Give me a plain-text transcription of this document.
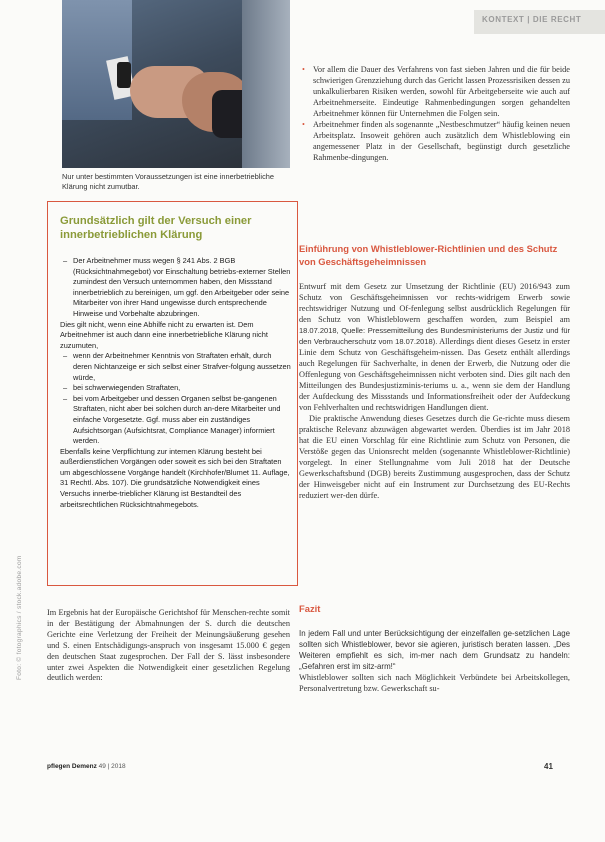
KONTEXT | DIE RECHT
Nur unter bestimmten Voraussetzungen ist eine innerbetriebliche Klärung nicht zumutbar.
Grundsätzlich gilt der Versuch einer innerbetrieblichen Klärung
– Der Arbeitnehmer muss wegen § 241 Abs. 2 BGB (Rücksichtnahmegebot) vor Einschaltung betriebs-externer Stellen zumindest den Versuch unternommen haben, den Missstand innerbetrieblich zu bereinigen, um ggf. den Arbeitgeber oder seine Mitarbeiter von ihrer Hand ungewisse durch entsprechende Hinweise und Vorbehalte abzubringen.

Dies gilt nicht, wenn eine Abhilfe nicht zu erwarten ist. Dem Arbeitnehmer ist auch dann eine innerbetriebliche Klärung nicht zuzumuten,

– wenn der Arbeitnehmer Kenntnis von Straftaten erhält, durch deren Nichtanzeige er sich selbst einer Strafver-folgung aussetzen würde,
– bei schwerwiegenden Straftaten,
– bei vom Arbeitgeber und dessen Organen selbst be-gangenen Straftaten, nicht aber bei solchen durch an-dere Mitarbeiter und einfache Vorgesetzte. Ggf. muss aber ein zuständiges Aufsichtsorgan (Aufsichtsrat, Compliance Manager) informiert werden.

Ebenfalls keine Verpflichtung zur internen Klärung besteht bei außerdienstlichen Vorgängen oder soweit es sich bei den Straftaten um abgeschlossene Vorgänge handelt (Kirchhofer/Blumet 11. Auflage, 31 Rechtl. Abs. 107). Die grundsätzliche Notwendigkeit eines Versuchs innerbe-trieblicher Klärung ist Bestandteil des arbeitsrechtlichen Rücksichtnahmegebots.

Foto: © fotographics / stock.adobe.com	Im Ergebnis hat der Europäische Gerichtshof für Menschen-rechte somit in der Bestätigung der Abmahnungen der S. durch die deutschen Gerichte eine Verletzung der Freiheit der Meinungsäußerung gesehen und S. einen Entschädigungs-anspruch von insgesamt 15.000 € gegen den deutschen Staat zugesprochen. Der Fall der S. lässt insbesondere unter zwei Aspekten die Notwendigkeit einer gesetzlichen Regelung deutlich werden:
• Vor allem die Dauer des Verfahrens von fast sieben Jahren und die für beide schwierigen Grenzziehung durch das Gericht lassen Prozessrisiken dessen zu unkalkulierbaren Risiken werden, sowohl für Arbeitgeberseite wie auch auf Arbeitnehmerseite. Eindeutige Rahmenbedingungen sorgen gehandelten Arbeitnehmer können für Unternehmen die Folgen sein.
• Arbeitnehmer finden als sogenannte „Nestbeschmutzer“ häufig keinen neuen Arbeitsplatz. Insoweit gehören auch zusätzlich dem Whistleblowing ein angemessener Platz in der Gesellschaft, begünstigt durch gesetzliche Rahmenbe-dingungen.
Einführung von Whistleblower-Richtlinien und des Schutz von Geschäftsgeheimnissen

Entwurf mit dem Gesetz zur Umsetzung der Richtlinie (EU) 2016/943 zum Schutz von Geschäftsgeheimnissen vor rechts-widrigem Erwerb sowie rechtswidriger Nutzung und Of-fenlegung selbst ausdrücklich Regelungen für den Schutz von Whistleblowern geschaffen worden, zum Beispiel am 18.07.2018, Quelle: Pressemitteilung des Bundesministeriums der Justiz und für den Verbraucherschutz vom 18.07.2018). Allerdings dient dieses Gesetz in erster Linie dem Schutz von Geschäftsgeheim-nissen. Das Gesetz enthält allerdings auch Regelungen für Sachverhalte, in denen der Erwerb, die Nutzung oder die Offenlegung von Geschäftsgeheimnissen nicht verboten sind. Dies gilt nach den Mitteilungen des Bundesjustizminis-teriums u. a., wenn sie dem der Handlung der Aufdeckung des Missstands und Informationsfreiheit oder der Aufdeckung von Fehlverhalten und rechtswidrigen Handlungen dient.

Die praktische Anwendung dieses Gesetzes durch die Ge-richte muss diesem praktische Relevanz abzuwägen abgewartet werden. Überdies ist im Jahr 2018 hat die EU einen Vorschlag für eine Richtlinie zum Schutz von Personen, die Verstöße gegen das Unionsrecht melden (sogenannte Whistleblower-Richtlinie) vorgelegt. In einer Stellungnahme vom Juli 2018 hat der Deutsche Gewerkschaftsbund (DGB) bereits Zustimmung ausgesprochen, dass der Schutz der Hinweisgeber nicht auf ein Instrument zur Durchsetzung des EU-Rechts reduziert wer-den dürfe.

Fazit

In jedem Fall und unter Berücksichtigung der einzelfallen ge-setzlichen Lage sollten sich Whistleblower, bevor sie agieren, juristisch beraten lassen. „Des Weiteren empfiehlt es sich, im-mer nach dem Grundsatz zu handeln: „Gefahren erst im sitz-arm!“

Whistleblower sollten sich nach Möglichkeit Verbündete bei Arbeitskollegen, Personalvertretung bzw. Gewerkschaft su-

pflegen Demenz 49 | 2018	41
